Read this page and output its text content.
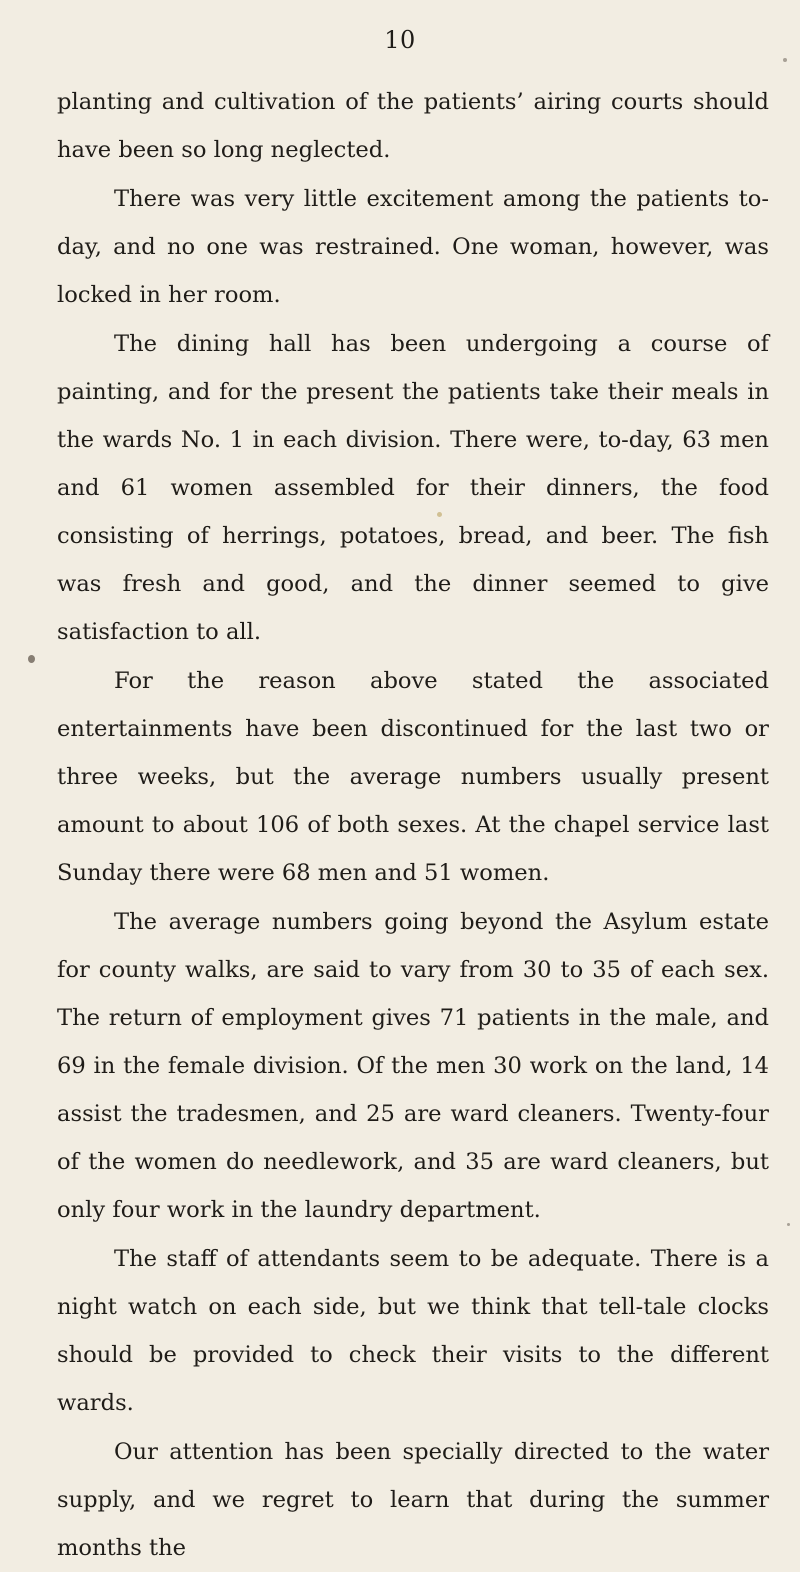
10

planting and cultivation of the patients’ airing courts should have been so long neglected.

There was very little excitement among the patients to-day, and no one was restrained. One woman, however, was locked in her room.

The dining hall has been undergoing a course of painting, and for the present the patients take their meals in the wards No. 1 in each division. There were, to-day, 63 men and 61 women assembled for their dinners, the food consisting of herrings, potatoes, bread, and beer. The fish was fresh and good, and the dinner seemed to give satisfaction to all.

For the reason above stated the associated entertainments have been discontinued for the last two or three weeks, but the average numbers usually present amount to about 106 of both sexes. At the chapel service last Sunday there were 68 men and 51 women.

The average numbers going beyond the Asylum estate for county walks, are said to vary from 30 to 35 of each sex. The return of employment gives 71 patients in the male, and 69 in the female division. Of the men 30 work on the land, 14 assist the tradesmen, and 25 are ward cleaners. Twenty-four of the women do needlework, and 35 are ward cleaners, but only four work in the laundry department.

The staff of attendants seem to be adequate. There is a night watch on each side, but we think that tell-tale clocks should be provided to check their visits to the different wards.

Our attention has been specially directed to the water supply, and we regret to learn that during the summer months the
